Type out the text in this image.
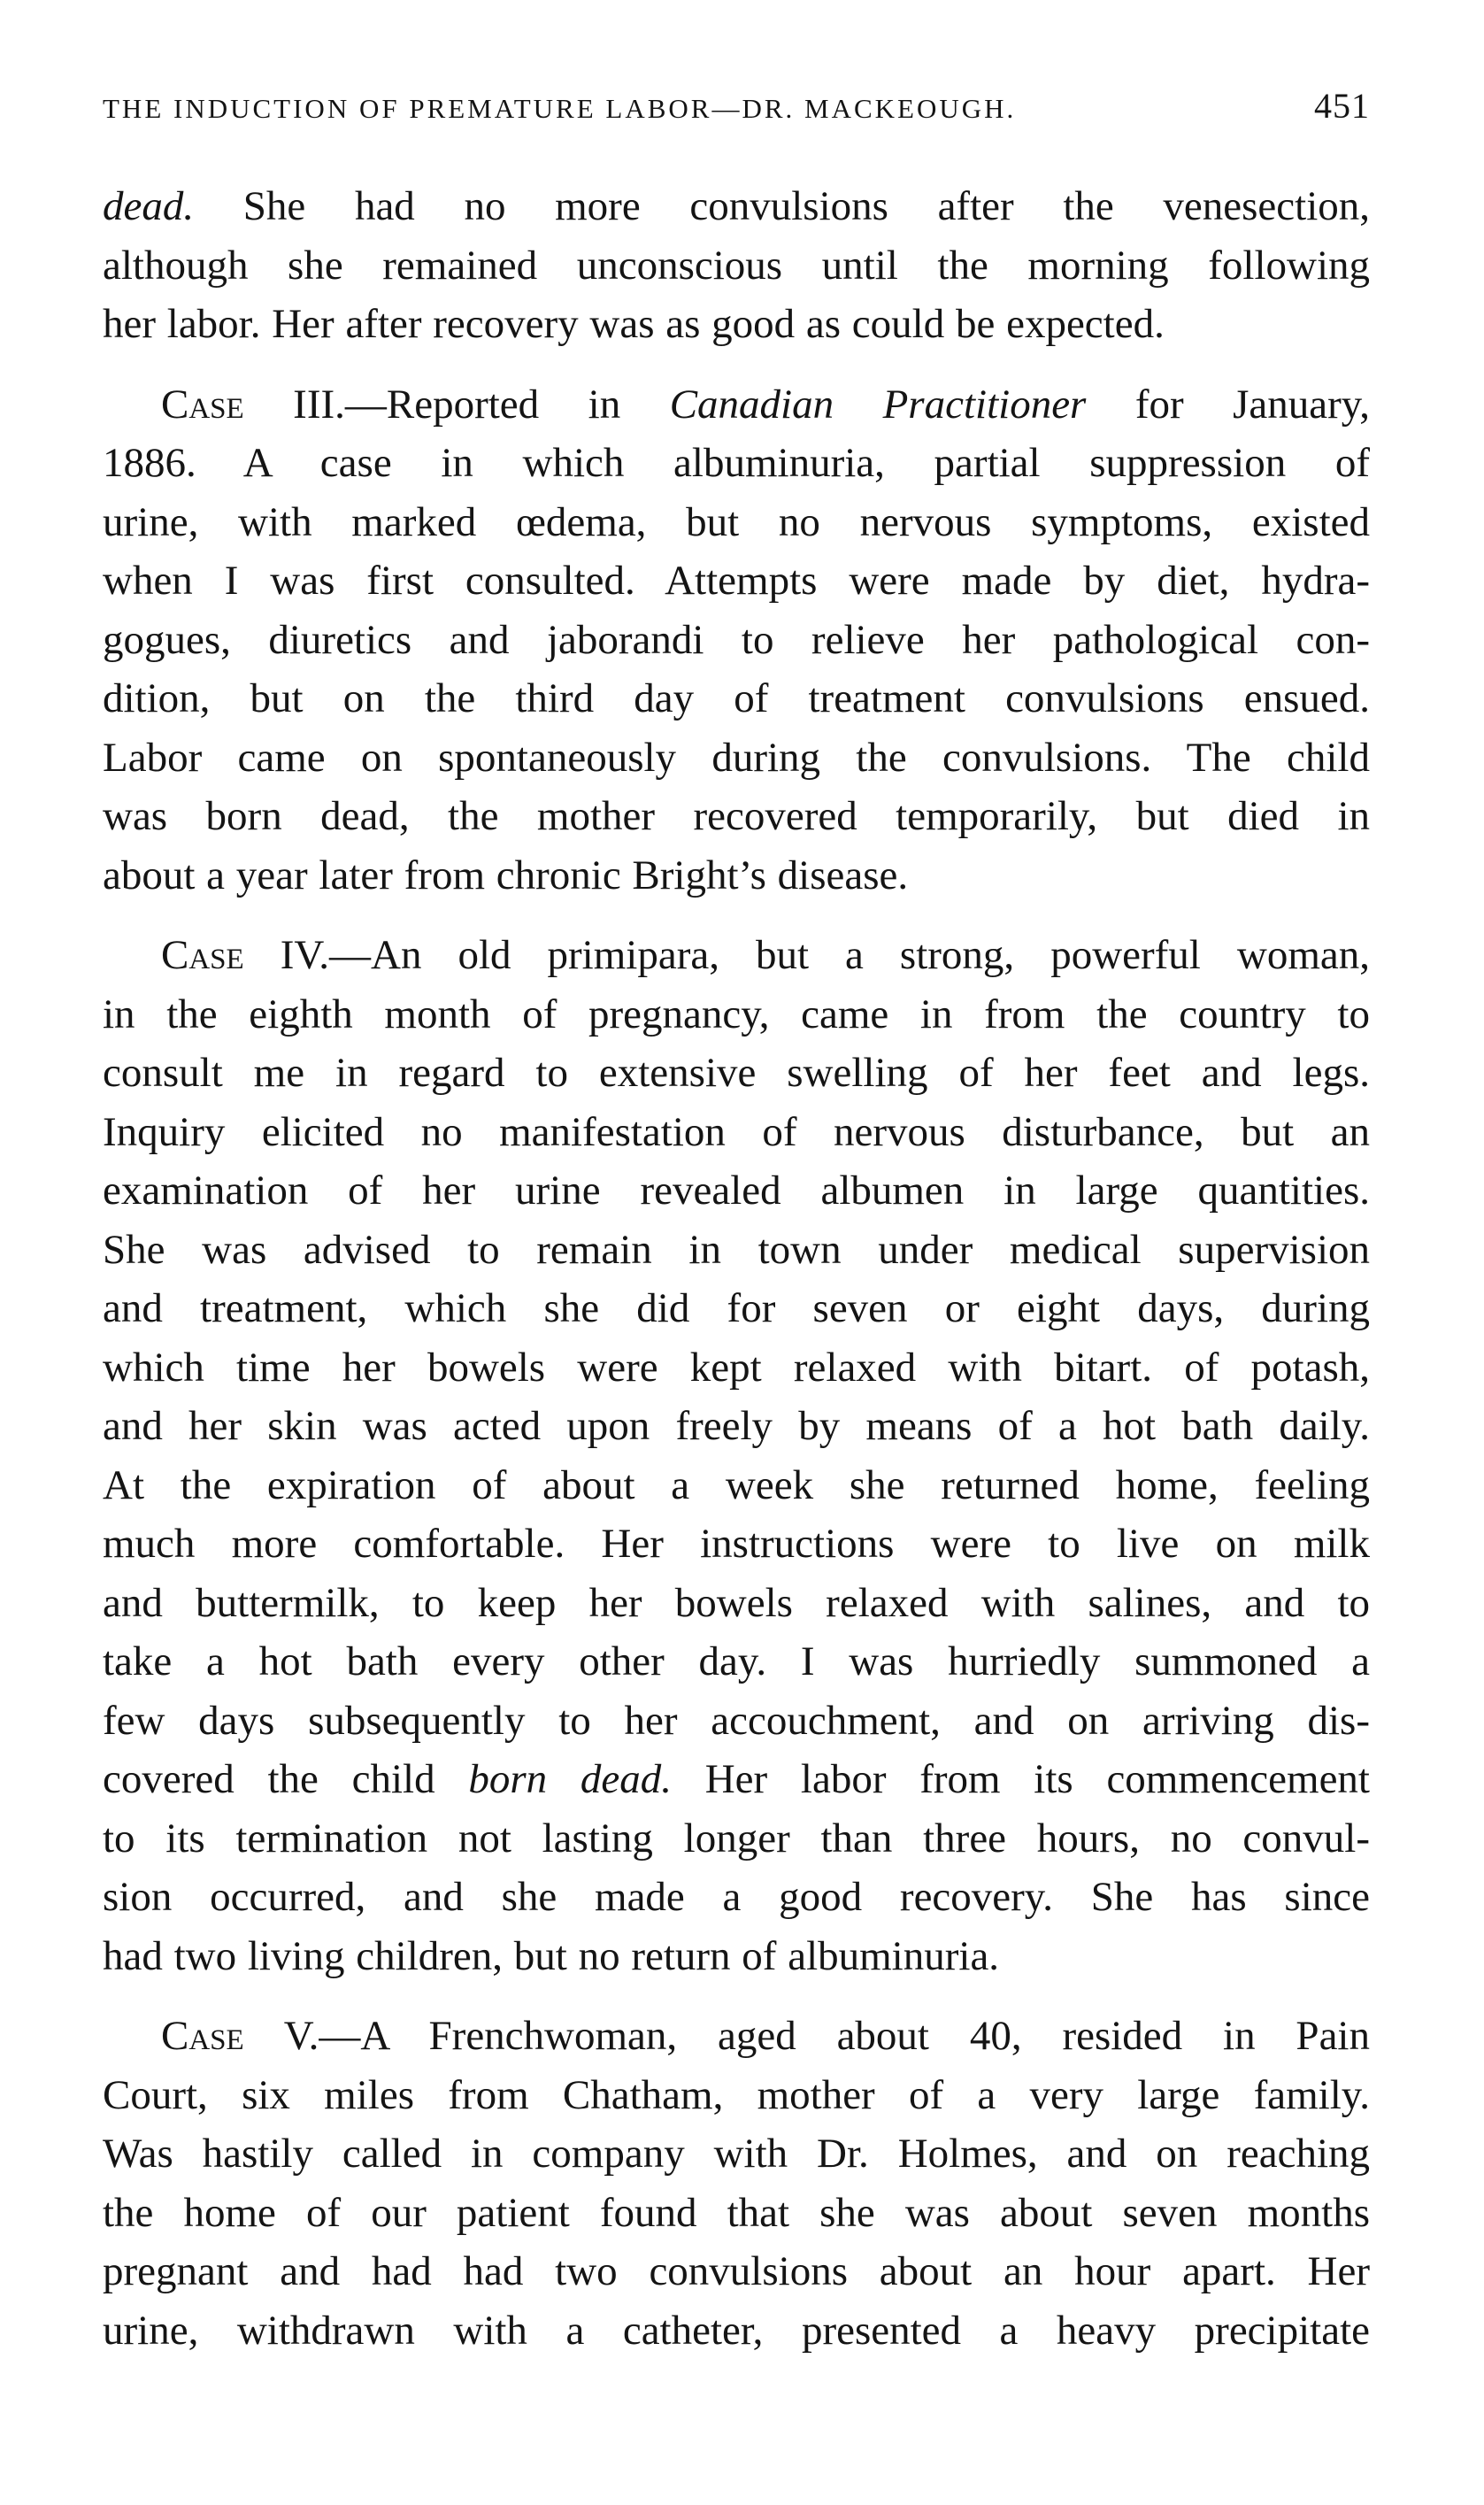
THE INDUCTION OF PREMATURE LABOR—DR. MACKEOUGH.	451
dead. She had no more convulsions after the venesection,
although she remained unconscious until the morning following
her labor. Her after recovery was as good as could be expected.
Case III.—Reported in Canadian Practitioner for January,
1886. A case in which albuminuria, partial suppression of
urine, with marked œdema, but no nervous symptoms, existed
when I was first consulted. Attempts were made by diet, hydra-
gogues, diuretics and jaborandi to relieve her pathological con-
dition, but on the third day of treatment convulsions ensued.
Labor came on spontaneously during the convulsions. The child
was born dead, the mother recovered temporarily, but died in
about a year later from chronic Bright’s disease.
Case IV.—An old primipara, but a strong, powerful woman,
in the eighth month of pregnancy, came in from the country to
consult me in regard to extensive swelling of her feet and legs.
Inquiry elicited no manifestation of nervous disturbance, but an
examination of her urine revealed albumen in large quantities.
She was advised to remain in town under medical supervision
and treatment, which she did for seven or eight days, during
which time her bowels were kept relaxed with bitart. of potash,
and her skin was acted upon freely by means of a hot bath daily.
At the expiration of about a week she returned home, feeling
much more comfortable. Her instructions were to live on milk
and buttermilk, to keep her bowels relaxed with salines, and to
take a hot bath every other day. I was hurriedly summoned a
few days subsequently to her accouchment, and on arriving dis-
covered the child born dead. Her labor from its commencement
to its termination not lasting longer than three hours, no convul-
sion occurred, and she made a good recovery. She has since
had two living children, but no return of albuminuria.
Case V.—A Frenchwoman, aged about 40, resided in Pain
Court, six miles from Chatham, mother of a very large family.
Was hastily called in company with Dr. Holmes, and on reaching
the home of our patient found that she was about seven months
pregnant and had had two convulsions about an hour apart. Her
urine, withdrawn with a catheter, presented a heavy precipitate
